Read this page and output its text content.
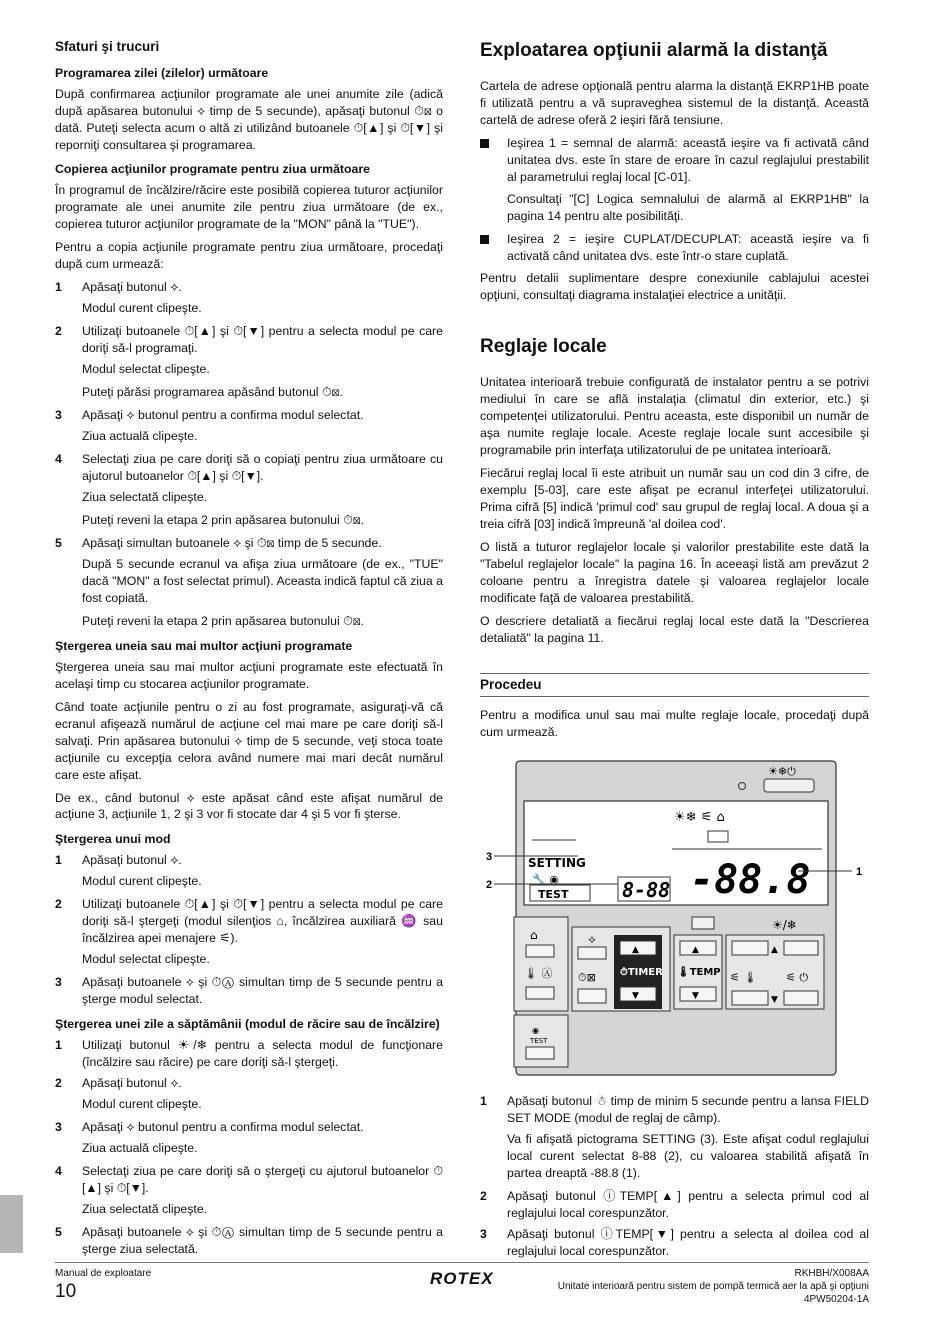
Sfaturi şi trucuri
Programarea zilei (zilelor) următoare

După confirmarea acţiunilor programate ale unei anumite zile (adică după apăsarea butonului ⟡ timp de 5 secunde), apăsaţi butonul ⏱⊠ o dată. Puteţi selecta acum o altă zi utilizând butoanele ⏱[▲] şi ⏱[▼] şi reporniţi consultarea şi programarea.

Copierea acţiunilor programate pentru ziua următoare

În programul de încălzire/răcire este posibilă copierea tuturor acţiunilor programate ale unei anumite zile pentru ziua următoare (de ex., copierea tuturor acţiunilor programate de la "MON" până la "TUE").

Pentru a copia acţiunile programate pentru ziua următoare, procedaţi după cum urmează:

1	Apăsaţi butonul ⟡.
Modul curent clipeşte.
2	Utilizaţi butoanele ⏱[▲] şi ⏱[▼] pentru a selecta modul pe care doriţi să-l programaţi.
Modul selectat clipeşte.
Puteţi părăsi programarea apăsând butonul ⏱⊠.
3	Apăsaţi ⟡ butonul pentru a confirma modul selectat.
Ziua actuală clipeşte.
4	Selectaţi ziua pe care doriţi să o copiaţi pentru ziua următoare cu ajutorul butoanelor ⏱[▲] şi ⏱[▼].
Ziua selectată clipeşte.
Puteţi reveni la etapa 2 prin apăsarea butonului ⏱⊠.
5	Apăsaţi simultan butoanele ⟡ şi ⏱⊠ timp de 5 secunde.
După 5 secunde ecranul va afişa ziua următoare (de ex., "TUE" dacă "MON" a fost selectat primul). Aceasta indică faptul că ziua a fost copiată.
Puteţi reveni la etapa 2 prin apăsarea butonului ⏱⊠.
Ştergerea uneia sau mai multor acţiuni programate

Ştergerea uneia sau mai multor acţiuni programate este efectuată în acelaşi timp cu stocarea acţiunilor programate.

Când toate acţiunile pentru o zi au fost programate, asiguraţi-vă că ecranul afişează numărul de acţiune cel mai mare pe care doriţi să-l salvaţi. Prin apăsarea butonului ⟡ timp de 5 secunde, veţi stoca toate acţiunile cu excepţia celora având numere mai mari decât numărul care este afişat.

De ex., când butonul ⟡ este apăsat când este afişat numărul de acţiune 3, acţiunile 1, 2 şi 3 vor fi stocate dar 4 şi 5 vor fi şterse.

Ştergerea unui mod
1	Apăsaţi butonul ⟡.
Modul curent clipeşte.
2	Utilizaţi butoanele ⏱[▲] şi ⏱[▼] pentru a selecta modul pe care doriţi să-l ştergeţi (modul silenţios ⌂, încălzirea auxiliară ♒ sau încălzirea apei menajere ⚟).
Modul selectat clipeşte.
3	Apăsaţi butoanele ⟡ şi ⏱Ⓐ simultan timp de 5 secunde pentru a şterge modul selectat.
Ştergerea unei zile a săptămânii (modul de răcire sau de încălzire)
1	Utilizaţi butonul ☀/❄ pentru a selecta modul de funcţionare (încălzire sau răcire) pe care doriţi să-l ştergeţi.
2	Apăsaţi butonul ⟡.
Modul curent clipeşte.
3	Apăsaţi ⟡ butonul pentru a confirma modul selectat.
Ziua actuală clipeşte.
4	Selectaţi ziua pe care doriţi să o ştergeţi cu ajutorul butoanelor ⏱[▲] şi ⏱[▼].
Ziua selectată clipeşte.
5	Apăsaţi butoanele ⟡ şi ⏱Ⓐ simultan timp de 5 secunde pentru a şterge ziua selectată.
Exploatarea opţiunii alarmă la distanţă

Cartela de adrese opţională pentru alarma la distanţă EKRP1HB poate fi utilizată pentru a vă supraveghea sistemul de la distanţă. Această cartelă de adrese oferă 2 ieşiri fără tensiune.

Ieşirea 1 = semnal de alarmă: această ieşire va fi activată când unitatea dvs. este în stare de eroare în cazul reglajului prestabilit al parametrului reglaj local [C-01].
Consultaţi "[C] Logica semnalului de alarmă al EKRP1HB" la pagina 14 pentru alte posibilităţi.
Ieşirea 2 = ieşire CUPLAT/DECUPLAT: această ieşire va fi activată când unitatea dvs. este într-o stare cuplată.

Pentru detalii suplimentare despre conexiunile cablajului acestei opţiuni, consultaţi diagrama instalaţiei electrice a unităţii.

Reglaje locale

Unitatea interioară trebuie configurată de instalator pentru a se potrivi mediului în care se află instalaţia (climatul din exterior, etc.) şi competenţei utilizatorului. Pentru aceasta, este disponibil un număr de aşa numite reglaje locale. Aceste reglaje locale sunt accesibile şi programabile prin interfaţa utilizatorului de pe unitatea interioară.

Fiecărui reglaj local îi este atribuit un număr sau un cod din 3 cifre, de exemplu [5-03], care este afişat pe ecranul interfeţei utilizatorului. Prima cifră [5] indică 'primul cod' sau grupul de reglaj local. A doua şi a treia cifră [03] indică împreună 'al doilea cod'.

O listă a tuturor reglajelor locale şi valorilor prestabilite este dată la "Tabelul reglajelor locale" la pagina 16. În aceeaşi listă am prevăzut 2 coloane pentru a înregistra datele şi valoarea reglajelor locale modificate faţă de valoarea prestabilită.

O descriere detaliată a fiecărui reglaj local este dată la "Descrierea detaliată" la pagina 11.

Procedeu

Pentru a modifica unul sau mai multe reglaje locale, procedaţi după cum urmează.

☀❄⏻
☀❄ ⚟ ⌂
SETTING
🔧 ◉
TEST	8-88 -88.8
3
2
1
⌂
🌡 Ⓐ
⟡
⏱⊠
▲
⏱TIMER
▼
▲
🌡TEMP
▼
☀/❄
▲
⚟ 🌡	⚟ ⏻
▼
◉
TEST
1	Apăsaţi butonul ☃ timp de minim 5 secunde pentru a lansa FIELD SET MODE (modul de reglaj de câmp).
Va fi afişată pictograma SETTING (3). Este afişat codul reglajului local curent selectat 8-88 (2), cu valoarea stabilită afişată în partea dreaptă -88.8 (1).
2	Apăsaţi butonul ⓘTEMP[▲] pentru a selecta primul cod al reglajului local corespunzător.
3	Apăsaţi butonul ⓘTEMP[▼] pentru a selecta al doilea cod al reglajului local corespunzător.
Manual de exploatare
10
ROTEX	RKHBH/X008AA
Unitate interioară pentru sistem de pompă termică aer la apă şi opţiuni
4PW50204-1A
